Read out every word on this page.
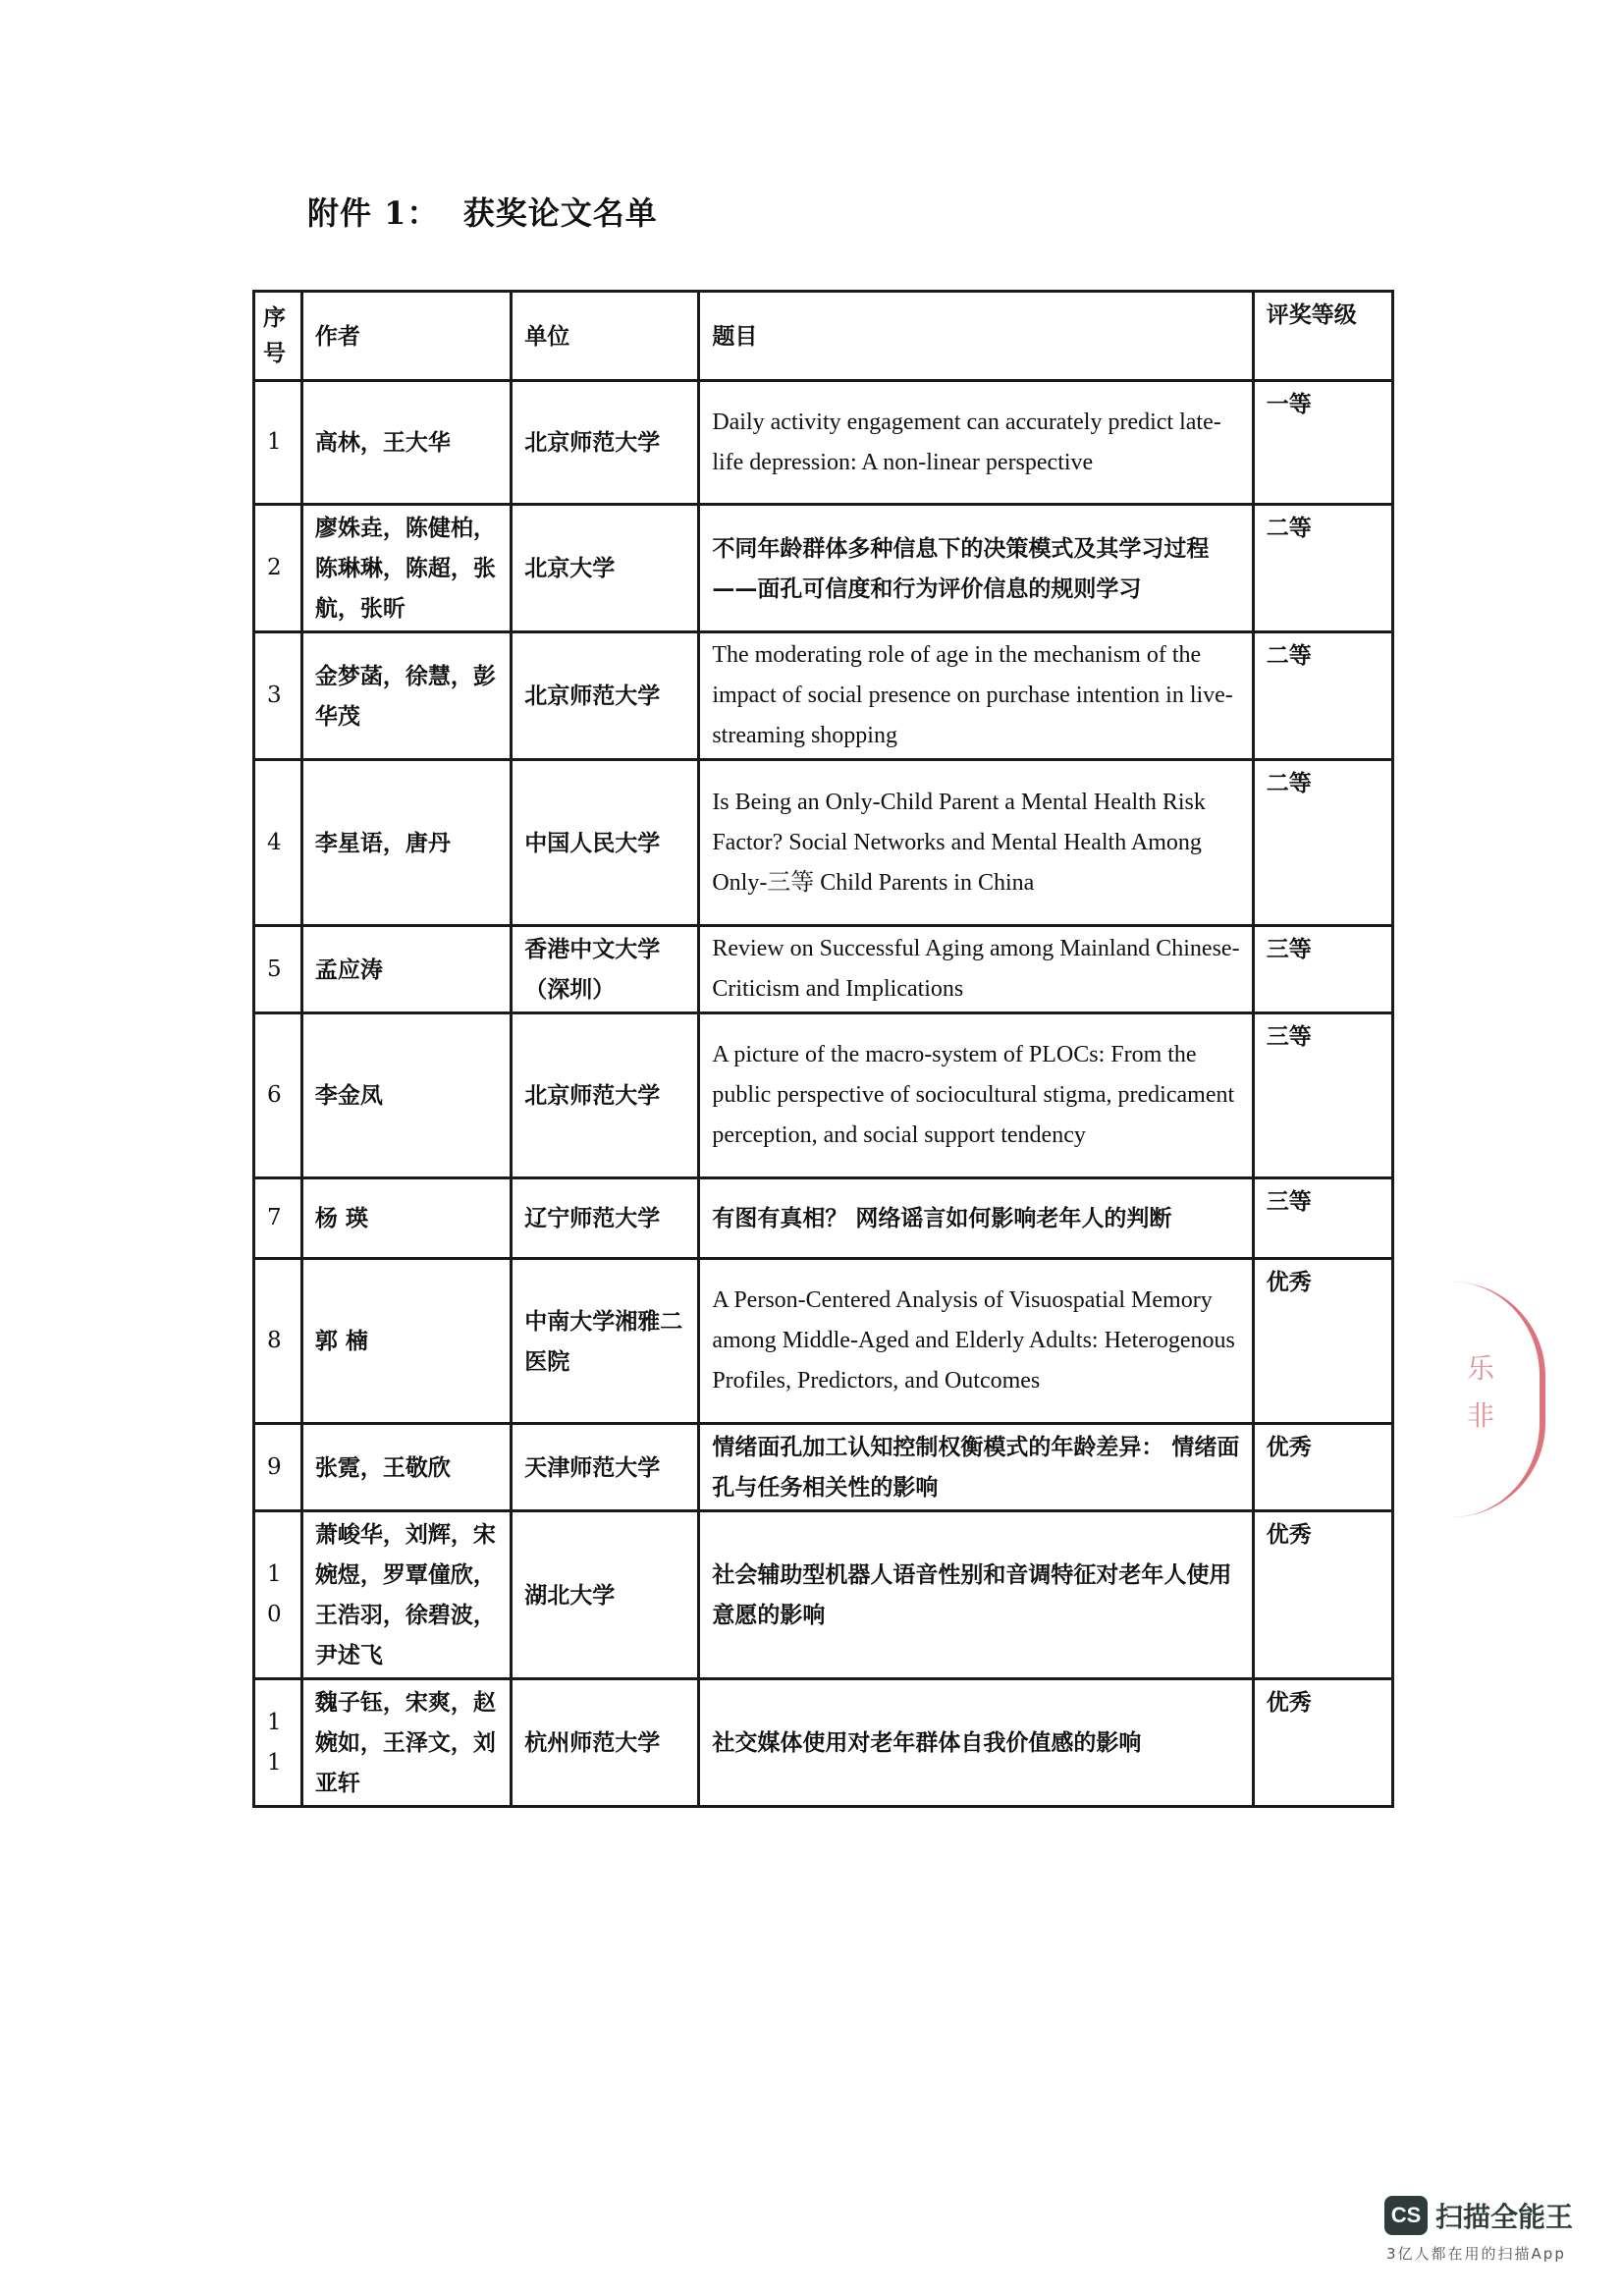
附件 1：  获奖论文名单
序号	作者	单位	题目	评奖等级
1	高林，王大华	北京师范大学	Daily activity engagement can accurately predict late-life depression: A non-linear perspective	一等
2	廖姝垚，陈健柏，陈琳琳，陈超，张航，张昕	北京大学	不同年龄群体多种信息下的决策模式及其学习过程——面孔可信度和行为评价信息的规则学习	二等
3	金梦菡，徐慧，彭华茂	北京师范大学	The moderating role of age in the mechanism of the impact of social presence on purchase intention in live-streaming shopping	二等
4	李星语，唐丹	中国人民大学	Is Being an Only-Child Parent a Mental Health Risk Factor? Social Networks and Mental Health Among Only-三等 Child Parents in China	二等
5	孟应涛	香港中文大学（深圳）	Review on Successful Aging among Mainland Chinese-Criticism and Implications	三等
6	李金凤	北京师范大学	A picture of the macro-system of PLOCs: From the public perspective of sociocultural stigma, predicament perception, and social support tendency	三等
7	杨 瑛	辽宁师范大学	有图有真相？ 网络谣言如何影响老年人的判断	三等
8	郭 楠	中南大学湘雅二医院	A Person-Centered Analysis of Visuospatial Memory among Middle-Aged and Elderly Adults: Heterogenous Profiles, Predictors, and Outcomes	优秀
9	张霓，王敬欣	天津师范大学	情绪面孔加工认知控制权衡模式的年龄差异： 情绪面孔与任务相关性的影响	优秀
10	萧峻华，刘辉，宋婉煜，罗覃僮欣，王浩羽，徐碧波，尹述飞	湖北大学	社会辅助型机器人语音性别和音调特征对老年人使用意愿的影响	优秀
11	魏子钰，宋爽，赵婉如，王泽文，刘亚轩	杭州师范大学	社交媒体使用对老年群体自我价值感的影响	优秀
乐
非
CS 扫描全能王
3亿人都在用的扫描App
